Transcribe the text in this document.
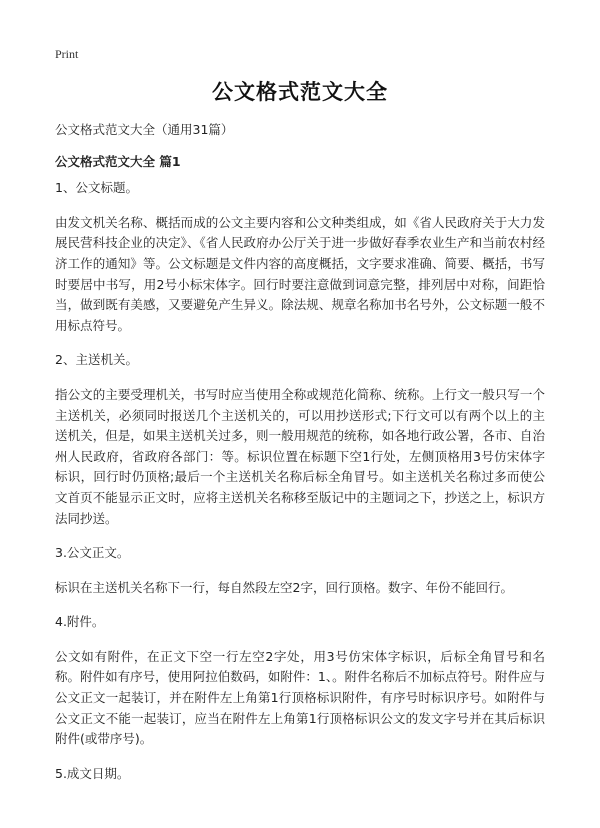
Print
公文格式范文大全

公文格式范文大全（通用31篇）

公文格式范文大全 篇1

1、公文标题。

由发文机关名称、概括而成的公文主要内容和公文种类组成，如《省人民政府关于大力发展民营科技企业的决定》、《省人民政府办公厅关于进一步做好春季农业生产和当前农村经济工作的通知》等。公文标题是文件内容的高度概括，文字要求准确、简要、概括，书写时要居中书写，用2号小标宋体字。回行时要注意做到词意完整，排列居中对称，间距恰当，做到既有美感，又要避免产生异义。除法规、规章名称加书名号外，公文标题一般不用标点符号。

2、主送机关。

指公文的主要受理机关，书写时应当使用全称或规范化简称、统称。上行文一般只写一个主送机关，必须同时报送几个主送机关的，可以用抄送形式;下行文可以有两个以上的主送机关，但是，如果主送机关过多，则一般用规范的统称，如各地行政公署，各市、自治州人民政府，省政府各部门：等。标识位置在标题下空1行处，左侧顶格用3号仿宋体字标识，回行时仍顶格;最后一个主送机关名称后标全角冒号。如主送机关名称过多而使公文首页不能显示正文时，应将主送机关名称移至版记中的主题词之下，抄送之上，标识方法同抄送。

3.公文正文。

标识在主送机关名称下一行，每自然段左空2字，回行顶格。数字、年份不能回行。

4.附件。

公文如有附件，在正文下空一行左空2字处，用3号仿宋体字标识，后标全角冒号和名称。附件如有序号，使用阿拉伯数码，如附件：1、。附件名称后不加标点符号。附件应与公文正文一起装订，并在附件左上角第1行顶格标识附件，有序号时标识序号。如附件与公文正文不能一起装订，应当在附件左上角第1行顶格标识公文的发文字号并在其后标识附件(或带序号)。

5.成文日期。
